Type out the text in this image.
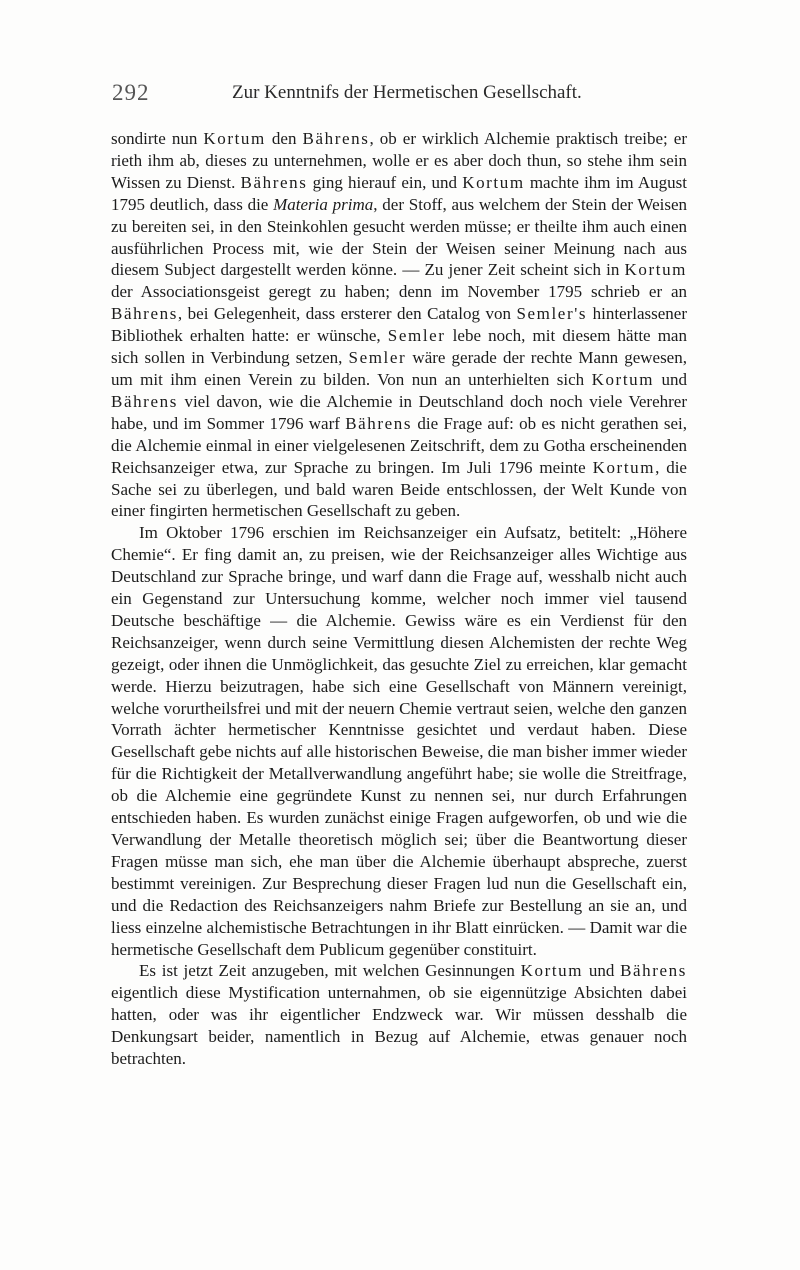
292	Zur Kenntnifs der Hermetischen Gesellschaft.

sondirte nun Kortum den Bährens, ob er wirklich Alchemie praktisch treibe; er rieth ihm ab, dieses zu unternehmen, wolle er es aber doch thun, so stehe ihm sein Wissen zu Dienst. Bährens ging hierauf ein, und Kortum machte ihm im August 1795 deutlich, dass die Materia prima, der Stoff, aus welchem der Stein der Weisen zu bereiten sei, in den Steinkohlen gesucht werden müsse; er theilte ihm auch einen ausführlichen Process mit, wie der Stein der Weisen seiner Meinung nach aus diesem Subject dargestellt werden könne. — Zu jener Zeit scheint sich in Kortum der Associationsgeist geregt zu haben; denn im November 1795 schrieb er an Bährens, bei Gelegenheit, dass ersterer den Catalog von Semler's hinterlassener Bibliothek erhalten hatte: er wünsche, Semler lebe noch, mit diesem hätte man sich sollen in Verbindung setzen, Semler wäre gerade der rechte Mann gewesen, um mit ihm einen Verein zu bilden. Von nun an unterhielten sich Kortum und Bährens viel davon, wie die Alchemie in Deutschland doch noch viele Verehrer habe, und im Sommer 1796 warf Bährens die Frage auf: ob es nicht gerathen sei, die Alchemie einmal in einer vielgelesenen Zeitschrift, dem zu Gotha erscheinenden Reichsanzeiger etwa, zur Sprache zu bringen. Im Juli 1796 meinte Kortum, die Sache sei zu überlegen, und bald waren Beide entschlossen, der Welt Kunde von einer fingirten hermetischen Gesellschaft zu geben.

Im Oktober 1796 erschien im Reichsanzeiger ein Aufsatz, betitelt: „Höhere Chemie“. Er fing damit an, zu preisen, wie der Reichsanzeiger alles Wichtige aus Deutschland zur Sprache bringe, und warf dann die Frage auf, wesshalb nicht auch ein Gegenstand zur Untersuchung komme, welcher noch immer viel tausend Deutsche beschäftige — die Alchemie. Gewiss wäre es ein Verdienst für den Reichsanzeiger, wenn durch seine Vermittlung diesen Alchemisten der rechte Weg gezeigt, oder ihnen die Unmöglichkeit, das gesuchte Ziel zu erreichen, klar gemacht werde. Hierzu beizutragen, habe sich eine Gesellschaft von Männern vereinigt, welche vorurtheilsfrei und mit der neuern Chemie vertraut seien, welche den ganzen Vorrath ächter hermetischer Kenntnisse gesichtet und verdaut haben. Diese Gesellschaft gebe nichts auf alle historischen Beweise, die man bisher immer wieder für die Richtigkeit der Metallverwandlung angeführt habe; sie wolle die Streitfrage, ob die Alchemie eine gegründete Kunst zu nennen sei, nur durch Erfahrungen entschieden haben. Es wurden zunächst einige Fragen aufgeworfen, ob und wie die Verwandlung der Metalle theoretisch möglich sei; über die Beantwortung dieser Fragen müsse man sich, ehe man über die Alchemie überhaupt abspreche, zuerst bestimmt vereinigen. Zur Besprechung dieser Fragen lud nun die Gesellschaft ein, und die Redaction des Reichsanzeigers nahm Briefe zur Bestellung an sie an, und liess einzelne alchemistische Betrachtungen in ihr Blatt einrücken. — Damit war die hermetische Gesellschaft dem Publicum gegenüber constituirt.

Es ist jetzt Zeit anzugeben, mit welchen Gesinnungen Kortum und Bährens eigentlich diese Mystification unternahmen, ob sie eigennützige Absichten dabei hatten, oder was ihr eigentlicher Endzweck war. Wir müssen desshalb die Denkungsart beider, namentlich in Bezug auf Alchemie, etwas genauer noch betrachten.
